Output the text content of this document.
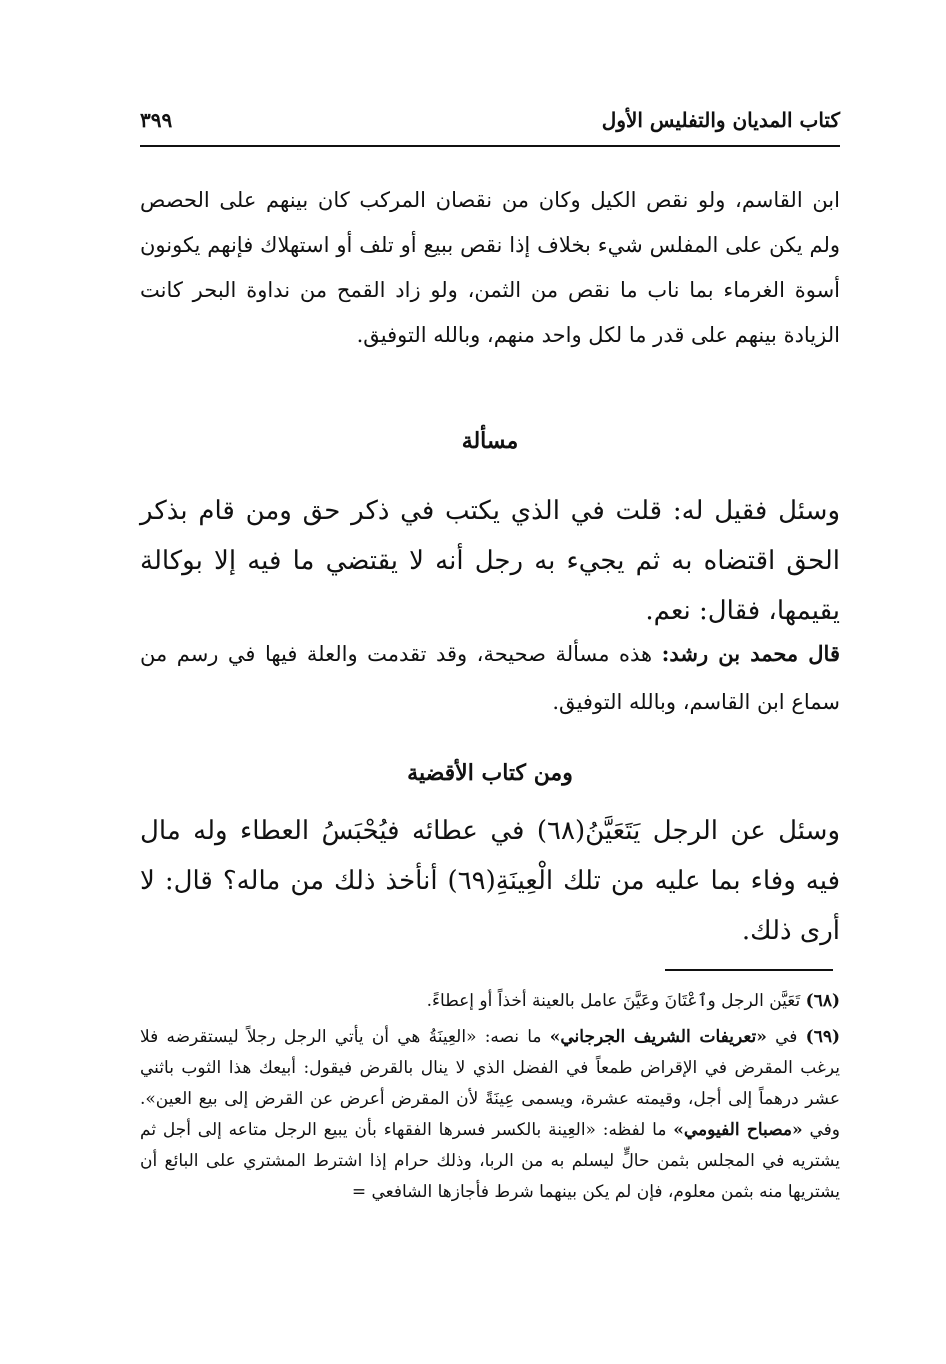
كتاب المديان والتفليس الأول
٣٩٩

ابن القاسم، ولو نقص الكيل وكان من نقصان المركب كان بينهم على الحصص ولم يكن على المفلس شيء بخلاف إذا نقص ببيع أو تلف أو استهلاك فإنهم يكونون أسوة الغرماء بما ناب ما نقص من الثمن، ولو زاد القمح من نداوة البحر كانت الزيادة بينهم على قدر ما لكل واحد منهم، وبالله التوفيق.

مسألة

وسئل فقيل له: قلت في الذي يكتب في ذكر حق ومن قام بذكر الحق اقتضاه به ثم يجيء به رجل أنه لا يقتضي ما فيه إلا بوكالة يقيمها، فقال: نعم.

قال محمد بن رشد: هذه مسألة صحيحة، وقد تقدمت والعلة فيها في رسم من سماع ابن القاسم، وبالله التوفيق.

ومن كتاب الأقضية

وسئل عن الرجل يَتَعَيَّنُ(٦٨) في عطائه فيُحْبَسُ العطاء وله مال فيه وفاء بما عليه من تلك الْعِينَةِ(٦٩) أنأخذ ذلك من ماله؟ قال: لا أرى ذلك.

(٦٨) تَعَيَّن الرجل وٱعْتَانَ وعَيَّنَ عامل بالعينة أخذاً أو إعطاءً.

(٦٩) في «تعريفات الشريف الجرجاني» ما نصه: «العِينَةُ هي أن يأتي الرجل رجلاً ليستقرضه فلا يرغب المقرض في الإقراض طمعاً في الفضل الذي لا ينال بالقرض فيقول: أبيعك هذا الثوب باثني عشر درهماً إلى أجل، وقيمته عشرة، ويسمى عِينَةً لأن المقرض أعرض عن القرض إلى بيع العين». وفي «مصباح الفيومي» ما لفظه: «العِينة بالكسر فسرها الفقهاء بأن يبيع الرجل متاعه إلى أجل ثم يشتريه في المجلس بثمن حالٍّ ليسلم به من الربا، وذلك حرام إذا اشترط المشتري على البائع أن يشتريها منه بثمن معلوم، فإن لم يكن بينهما شرط فأجازها الشافعي =
